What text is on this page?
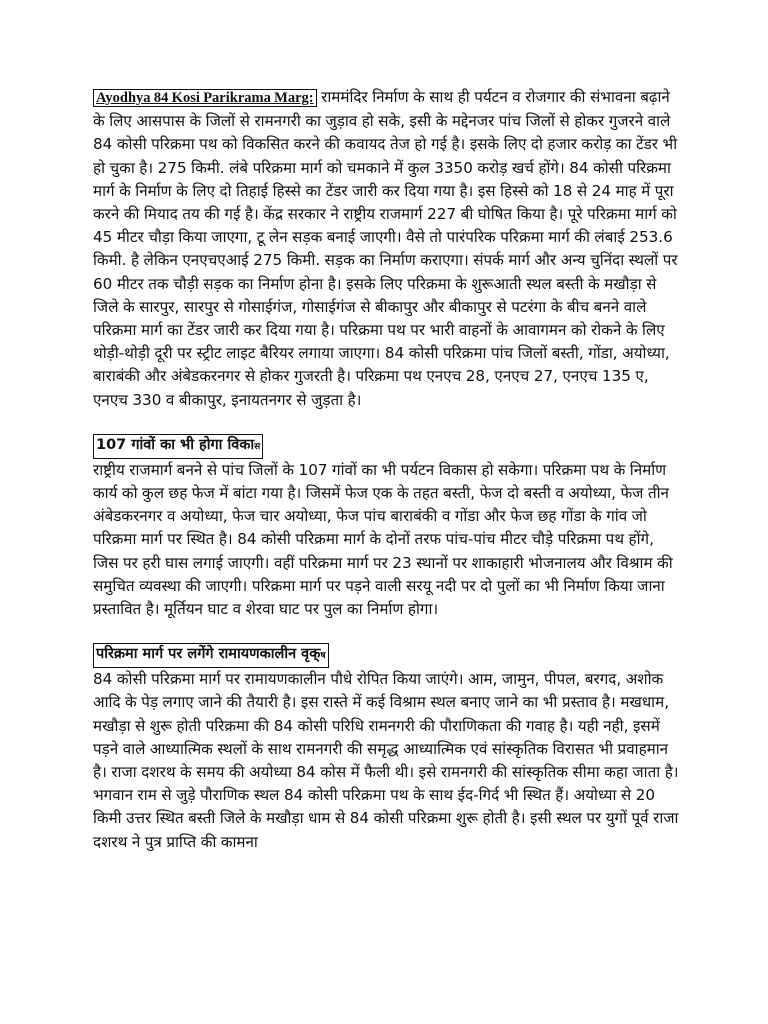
Ayodhya 84 Kosi Parikrama Marg: राममंदिर निर्माण के साथ ही पर्यटन व रोजगार की संभावना बढ़ाने के लिए आसपास के जिलों से रामनगरी का जुड़ाव हो सके, इसी के मद्देनजर पांच जिलों से होकर गुजरने वाले 84 कोसी परिक्रमा पथ को विकसित करने की कवायद तेज हो गई है। इसके लिए दो हजार करोड़ का टेंडर भी हो चुका है। 275 किमी. लंबे परिक्रमा मार्ग को चमकाने में कुल 3350 करोड़ खर्च होंगे। 84 कोसी परिक्रमा मार्ग के निर्माण के लिए दो तिहाई हिस्से का टेंडर जारी कर दिया गया है। इस हिस्से को 18 से 24 माह में पूरा करने की मियाद तय की गई है। केंद्र सरकार ने राष्ट्रीय राजमार्ग 227 बी घोषित किया है। पूरे परिक्रमा मार्ग को 45 मीटर चौड़ा किया जाएगा, टू लेन सड़क बनाई जाएगी। वैसे तो पारंपरिक परिक्रमा मार्ग की लंबाई 253.6 किमी. है लेकिन एनएचएआई 275 किमी. सड़क का निर्माण कराएगा। संपर्क मार्ग और अन्य चुनिंदा स्थलों पर 60 मीटर तक चौड़ी सड़क का निर्माण होना है। इसके लिए परिक्रमा के शुरूआती स्थल बस्ती के मखौड़ा से जिले के सारपुर, सारपुर से गोसाईगंज, गोसाईगंज से बीकापुर और बीकापुर से पटरंगा के बीच बनने वाले परिक्रमा मार्ग का टेंडर जारी कर दिया गया है। परिक्रमा पथ पर भारी वाहनों के आवागमन को रोकने के लिए थोड़ी-थोड़ी दूरी पर स्ट्रीट लाइट बैरियर लगाया जाएगा। 84 कोसी परिक्रमा पांच जिलों बस्ती, गोंडा, अयोध्या, बाराबंकी और अंबेडकरनगर से होकर गुजरती है। परिक्रमा पथ एनएच 28, एनएच 27, एनएच 135 ए, एनएच 330 व बीकापुर, इनायतनगर से जुड़ता है।

107 गांवों का भी होगा विकास

राष्ट्रीय राजमार्ग बनने से पांच जिलों के 107 गांवों का भी पर्यटन विकास हो सकेगा। परिक्रमा पथ के निर्माण कार्य को कुल छह फेज में बांटा गया है। जिसमें फेज एक के तहत बस्ती, फेज दो बस्ती व अयोध्या, फेज तीन अंबेडकरनगर व अयोध्या, फेज चार अयोध्या, फेज पांच बाराबंकी व गोंडा और फेज छह गोंडा के गांव जो परिक्रमा मार्ग पर स्थित है। 84 कोसी परिक्रमा मार्ग के दोनों तरफ पांच-पांच मीटर चौड़े परिक्रमा पथ होंगे, जिस पर हरी घास लगाई जाएगी। वहीं परिक्रमा मार्ग पर 23 स्थानों पर शाकाहारी भोजनालय और विश्राम की समुचित व्यवस्था की जाएगी। परिक्रमा मार्ग पर पड़ने वाली सरयू नदी पर दो पुलों का भी निर्माण किया जाना प्रस्तावित है। मूर्तियन घाट व शेरवा घाट पर पुल का निर्माण होगा।

परिक्रमा मार्ग पर लगेंगे रामायणकालीन वृक्ष

84 कोसी परिक्रमा मार्ग पर रामायणकालीन पौधे रोपित किया जाएंगे। आम, जामुन, पीपल, बरगद, अशोक आदि के पेड़ लगाए जाने की तैयारी है। इस रास्ते में कई विश्राम स्थल बनाए जाने का भी प्रस्ताव है। मखधाम, मखौड़ा से शुरू होती परिक्रमा की 84 कोसी परिधि रामनगरी की पौराणिकता की गवाह है। यही नही, इसमें पड़ने वाले आध्यात्मिक स्थलों के साथ रामनगरी की समृद्ध आध्यात्मिक एवं सांस्कृतिक विरासत भी प्रवाहमान है। राजा दशरथ के समय की अयोध्या 84 कोस में फैली थी। इसे रामनगरी की सांस्कृतिक सीमा कहा जाता है। भगवान राम से जुड़े पौराणिक स्थल 84 कोसी परिक्रमा पथ के साथ ईद-गिर्द भी स्थित हैं। अयोध्या से 20 किमी उत्तर स्थित बस्ती जिले के मखौड़ा धाम से 84 कोसी परिक्रमा शुरू होती है। इसी स्थल पर युगों पूर्व राजा दशरथ ने पुत्र प्राप्ति की कामना
